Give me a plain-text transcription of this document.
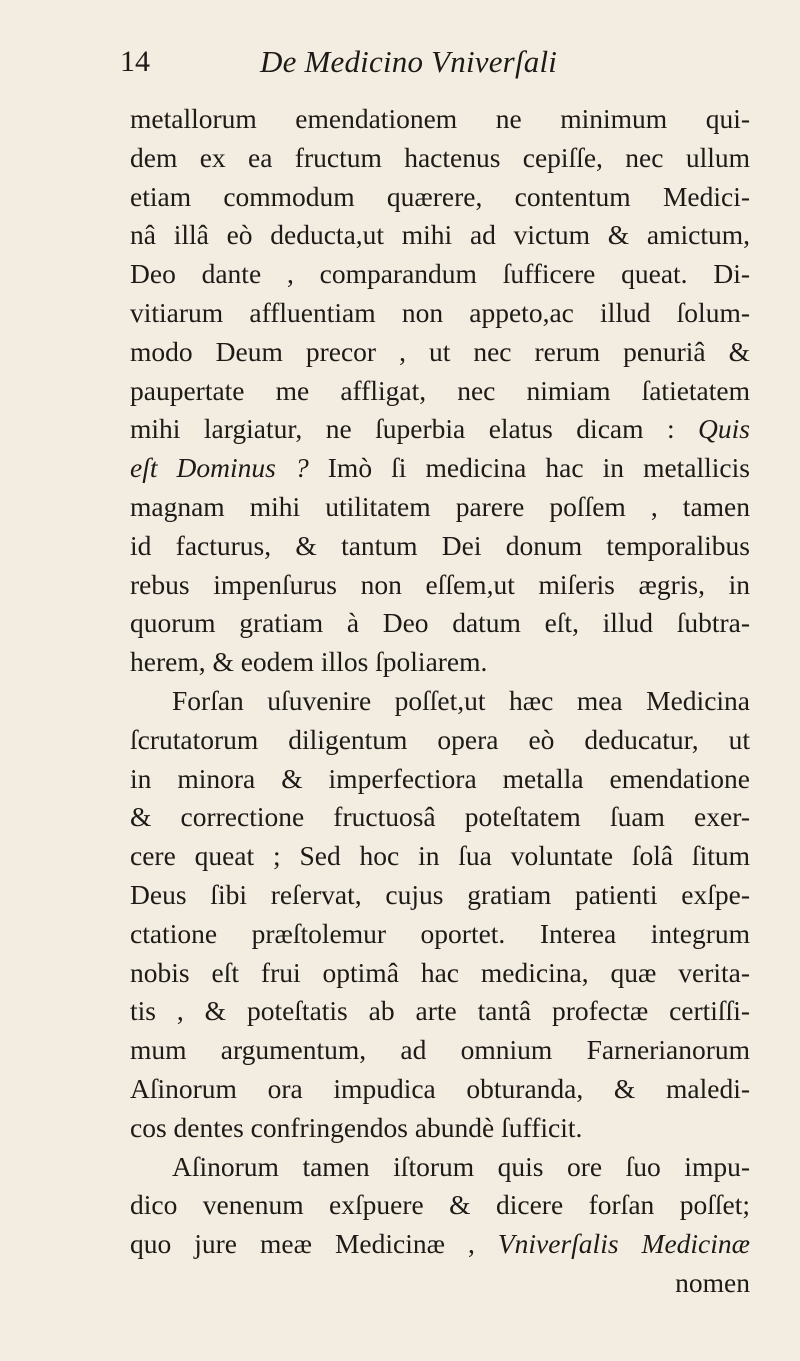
14	De Medicino Vniverſali
metallorum emendationem ne minimum qui-
dem ex ea fructum hactenus cepiſſe, nec ullum
etiam commodum quærere, contentum Medici-
nâ illâ eò deducta,ut mihi ad victum & amictum,
Deo dante , comparandum ſufficere queat. Di-
vitiarum affluentiam non appeto,ac illud ſolum-
modo Deum precor , ut nec rerum penuriâ &
paupertate me affligat, nec nimiam ſatietatem
mihi largiatur, ne ſuperbia elatus dicam : Quis
eſt Dominus ? Imò ſi medicina hac in metallicis
magnam mihi utilitatem parere poſſem , tamen
id facturus, & tantum Dei donum temporalibus
rebus impenſurus non eſſem,ut miſeris ægris, in
quorum gratiam à Deo datum eſt, illud ſubtra-
herem, & eodem illos ſpoliarem.
Forſan uſuvenire poſſet,ut hæc mea Medicina
ſcrutatorum diligentum opera eò deducatur, ut
in minora & imperfectiora metalla emendatione
& correctione fructuosâ poteſtatem ſuam exer-
cere queat ; Sed hoc in ſua voluntate ſolâ ſitum
Deus ſibi reſervat, cujus gratiam patienti exſpe-
ctatione præſtolemur oportet. Interea integrum
nobis eſt frui optimâ hac medicina, quæ verita-
tis , & poteſtatis ab arte tantâ profectæ certiſſi-
mum argumentum, ad omnium Farnerianorum
Aſinorum ora impudica obturanda, & maledi-
cos dentes confringendos abundè ſufficit.
Aſinorum tamen iſtorum quis ore ſuo impu-
dico venenum exſpuere & dicere forſan poſſet;
quo jure meæ Medicinæ , Vniverſalis Medicinæ
nomen
